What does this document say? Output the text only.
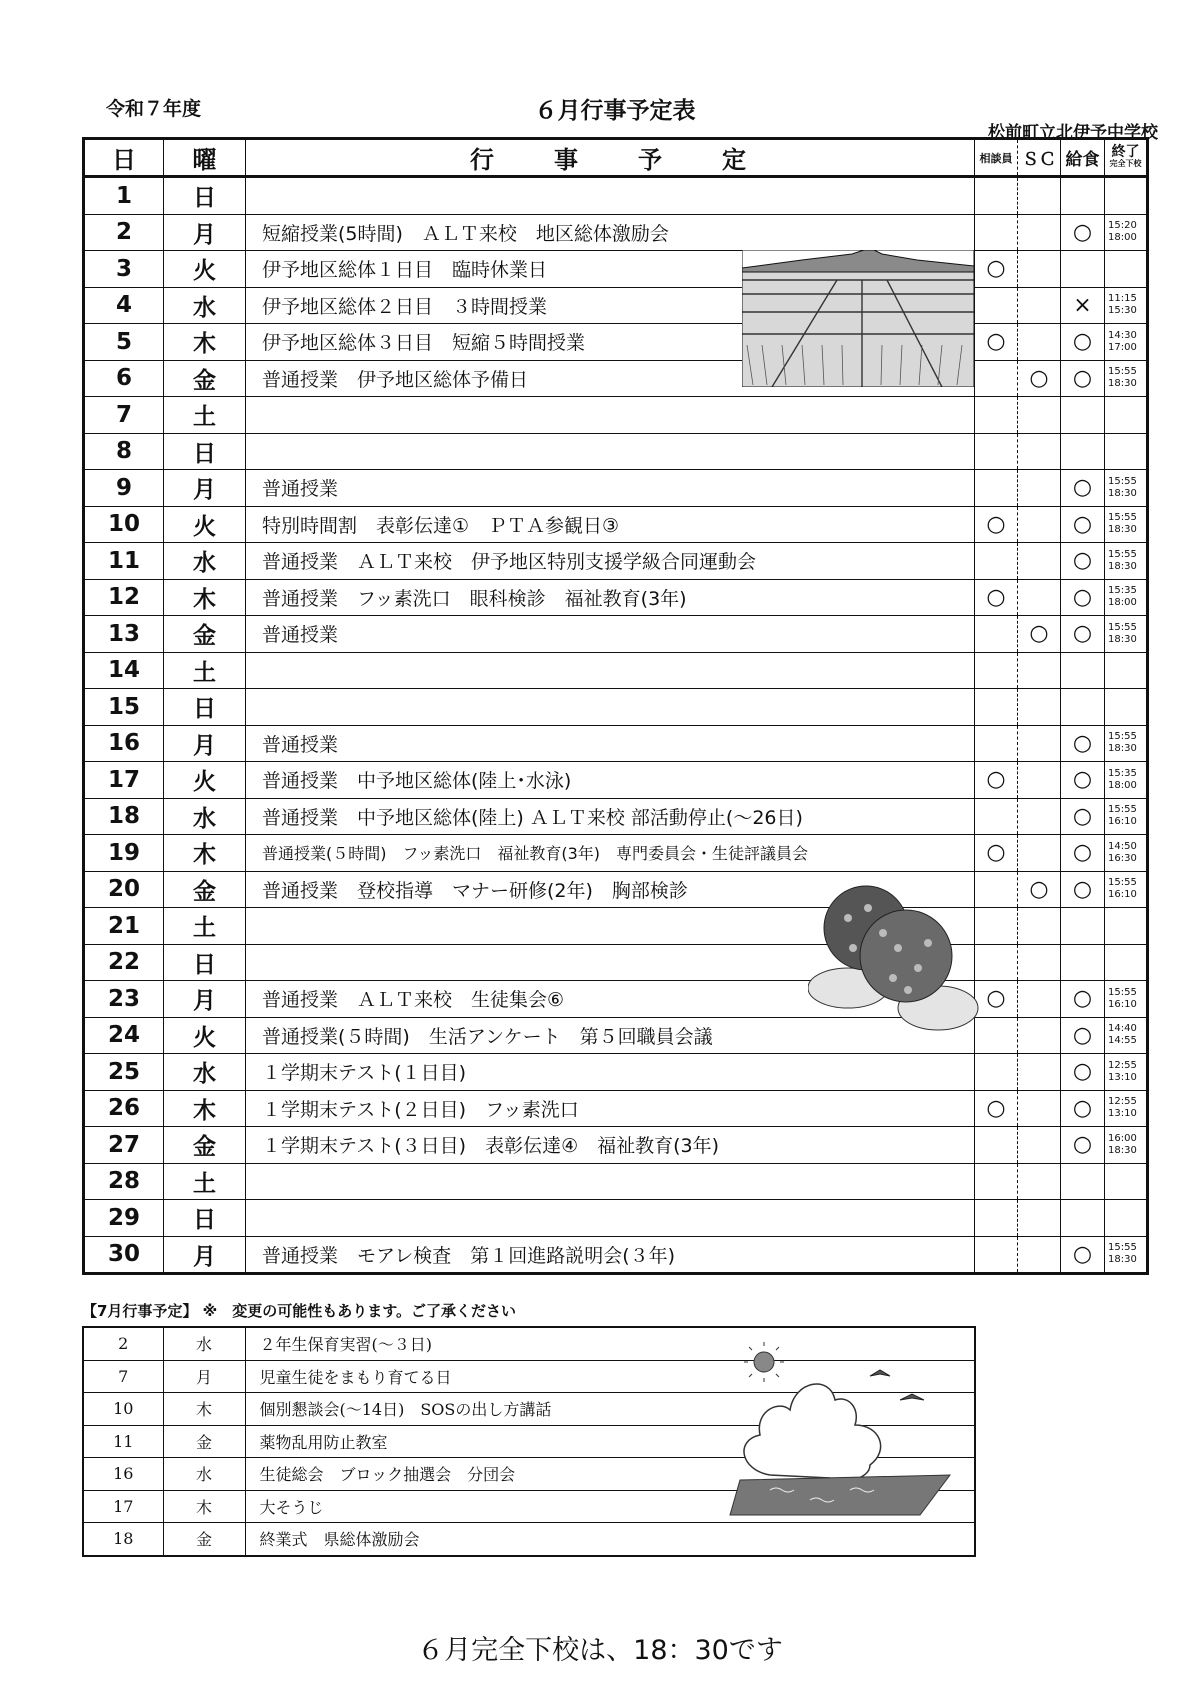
令和７年度	６月行事予定表
松前町立北伊予中学校
日	曜	行　　事　　予　　定	相談員	ＳＣ	給食	終了
完全下校

1	日					

2	月	短縮授業(5時間)　ＡＬＴ来校　地区総体激励会			○	15:20
18:00

3	火	伊予地区総体１日目　臨時休業日	○			

4	水	伊予地区総体２日目　３時間授業			×	11:15
15:30

5	木	伊予地区総体３日目　短縮５時間授業	○		○	14:30
17:00

6	金	普通授業　伊予地区総体予備日		○	○	15:55
18:30

7	土					

8	日					

9	月	普通授業			○	15:55
18:30

10	火	特別時間割　表彰伝達①　ＰＴＡ参観日③	○		○	15:55
18:30

11	水	普通授業　ＡＬＴ来校　伊予地区特別支援学級合同運動会			○	15:55
18:30

12	木	普通授業　フッ素洗口　眼科検診　福祉教育(3年)	○		○	15:35
18:00

13	金	普通授業		○	○	15:55
18:30

14	土					

15	日					

16	月	普通授業			○	15:55
18:30

17	火	普通授業　中予地区総体(陸上･水泳)	○		○	15:35
18:00

18	水	普通授業　中予地区総体(陸上) ＡＬＴ来校 部活動停止(～26日)			○	15:55
16:10

19	木	普通授業(５時間)　フッ素洗口　福祉教育(3年)　専門委員会・生徒評議員会	○		○	14:50
16:30

20	金	普通授業　登校指導　マナー研修(2年)　胸部検診		○	○	15:55
16:10

21	土					

22	日					

23	月	普通授業　ＡＬＴ来校　生徒集会⑥	○		○	15:55
16:10

24	火	普通授業(５時間)　生活アンケート　第５回職員会議			○	14:40
14:55

25	水	１学期末テスト(１日目)			○	12:55
13:10

26	木	１学期末テスト(２日目)　フッ素洗口	○		○	12:55
13:10

27	金	１学期末テスト(３日目)　表彰伝達④　福祉教育(3年)			○	16:00
18:30

28	土					

29	日					

30	月	普通授業　モアレ検査　第１回進路説明会(３年)			○	15:55
18:30
【7月行事予定】 ※　変更の可能性もあります。ご了承ください
2	水	２年生保育実習(～３日)
7	月	児童生徒をまもり育てる日
10	木	個別懇談会(～14日)　SOSの出し方講話
11	金	薬物乱用防止教室
16	水	生徒総会　ブロック抽選会　分団会
17	木	大そうじ
18	金	終業式　県総体激励会
６月完全下校は、18：30です
